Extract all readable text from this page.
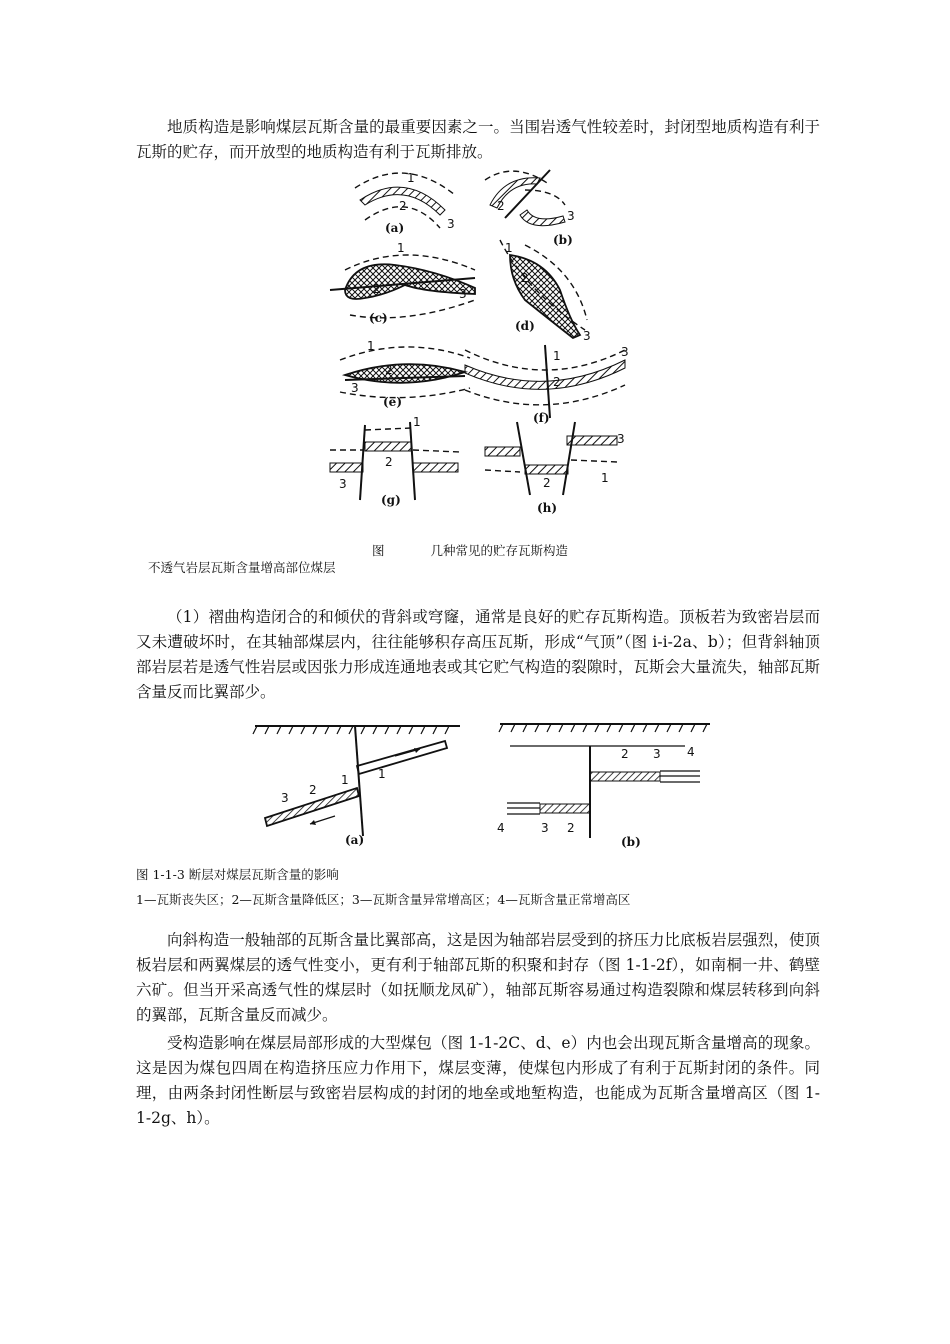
地质构造是影响煤层瓦斯含量的最重要因素之一。当围岩透气性较差时，封闭型地质构造有利于瓦斯的贮存，而开放型的地质构造有利于瓦斯排放。

1
2
3
(a)
2
3
(b)
1
2	3
(c)
1
2
3
(d)
1
2
3
(e)
1
2
3
(f)
1
2
3
(g)
3
2	1
(h)

图	几种常见的贮存瓦斯构造

不透气岩层瓦斯含量增高部位煤层

（1）褶曲构造闭合的和倾伏的背斜或穹窿，通常是良好的贮存瓦斯构造。顶板若为致密岩层而又未遭破坏时，在其轴部煤层内，往往能够积存高压瓦斯，形成“气顶”（图 i-i-2a、b）；但背斜轴顶部岩层若是透气性岩层或因张力形成连通地表或其它贮气构造的裂隙时，瓦斯会大量流失，轴部瓦斯含量反而比翼部少。

1
1
2
3
(a)
2 3 4
4	3 2
(b)

图 1-1-3 断层对煤层瓦斯含量的影响

1—瓦斯丧失区；2—瓦斯含量降低区；3—瓦斯含量异常增高区；4—瓦斯含量正常增高区

向斜构造一般轴部的瓦斯含量比翼部高，这是因为轴部岩层受到的挤压力比底板岩层强烈，使顶板岩层和两翼煤层的透气性变小，更有利于轴部瓦斯的积聚和封存（图 1-1-2f），如南桐一井、鹤壁六矿。但当开采高透气性的煤层时（如抚顺龙凤矿），轴部瓦斯容易通过构造裂隙和煤层转移到向斜的翼部，瓦斯含量反而减少。

受构造影响在煤层局部形成的大型煤包（图 1-1-2C、d、e）内也会出现瓦斯含量增高的现象。这是因为煤包四周在构造挤压应力作用下，煤层变薄，使煤包内形成了有利于瓦斯封闭的条件。同理，由两条封闭性断层与致密岩层构成的封闭的地垒或地堑构造，也能成为瓦斯含量增高区（图 1-1-2g、h）。
